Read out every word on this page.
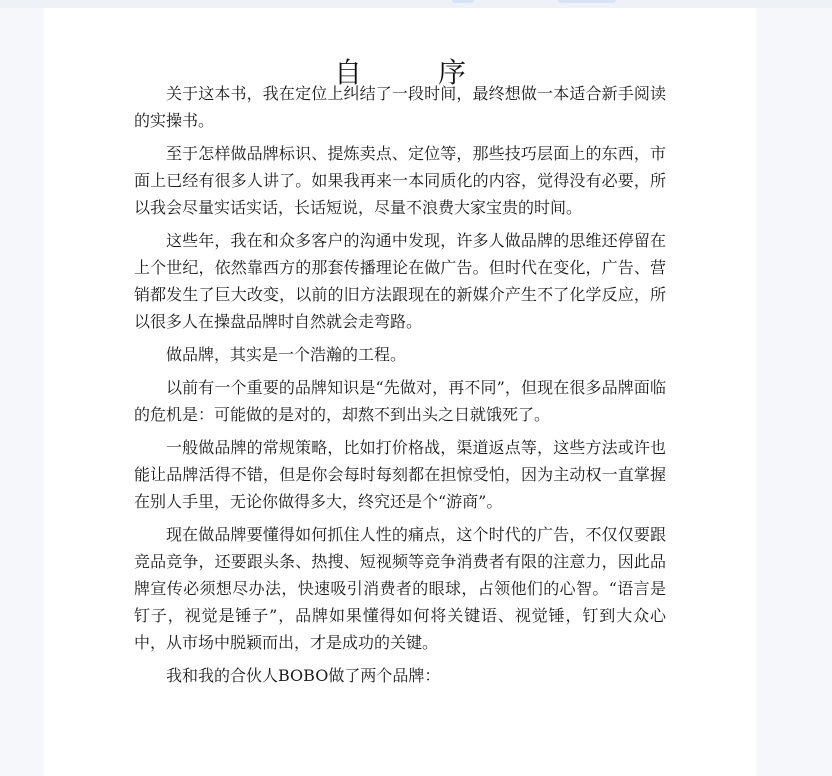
自　序

关于这本书，我在定位上纠结了一段时间，最终想做一本适合新手阅读的实操书。

至于怎样做品牌标识、提炼卖点、定位等，那些技巧层面上的东西，市面上已经有很多人讲了。如果我再来一本同质化的内容，觉得没有必要，所以我会尽量实话实话，长话短说，尽量不浪费大家宝贵的时间。

这些年，我在和众多客户的沟通中发现，许多人做品牌的思维还停留在上个世纪，依然靠西方的那套传播理论在做广告。但时代在变化，广告、营销都发生了巨大改变，以前的旧方法跟现在的新媒介产生不了化学反应，所以很多人在操盘品牌时自然就会走弯路。

做品牌，其实是一个浩瀚的工程。

以前有一个重要的品牌知识是“先做对，再不同”，但现在很多品牌面临的危机是：可能做的是对的，却熬不到出头之日就饿死了。

一般做品牌的常规策略，比如打价格战，渠道返点等，这些方法或许也能让品牌活得不错，但是你会每时每刻都在担惊受怕，因为主动权一直掌握在别人手里，无论你做得多大，终究还是个“游商”。

现在做品牌要懂得如何抓住人性的痛点，这个时代的广告，不仅仅要跟竞品竞争，还要跟头条、热搜、短视频等竞争消费者有限的注意力，因此品牌宣传必须想尽办法，快速吸引消费者的眼球，占领他们的心智。“语言是钉子，视觉是锤子”，品牌如果懂得如何将关键语、视觉锤，钉到大众心中，从市场中脱颖而出，才是成功的关键。

我和我的合伙人BOBO做了两个品牌：
